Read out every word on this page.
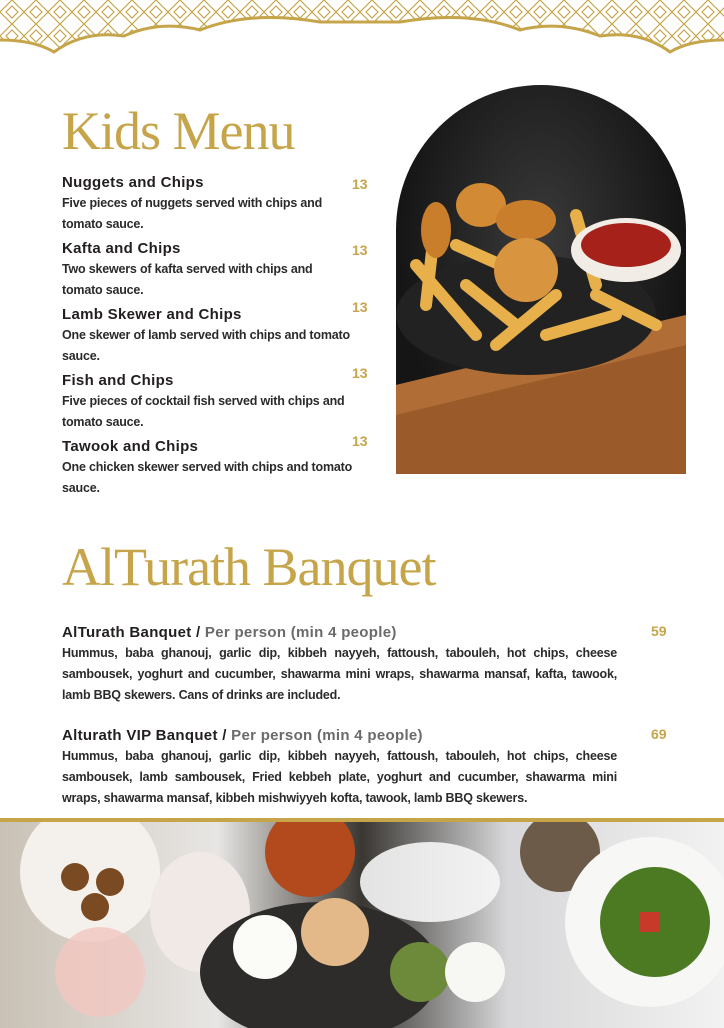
Kids Menu
Nuggets and Chips
Five pieces of nuggets served with chips and tomato sauce.
13
Kafta and Chips
Two skewers of kafta served with chips and tomato sauce.
13
Lamb Skewer and Chips
One skewer of lamb served with chips and tomato sauce.
13
Fish and Chips
Five pieces of cocktail fish served with chips and tomato sauce.
13
Tawook and Chips
One chicken skewer served with chips and tomato sauce.
13
AlTurath Banquet
AlTurath Banquet / Per person (min 4 people)
Hummus, baba ghanouj, garlic dip, kibbeh nayyeh, fattoush, tabouleh, hot chips, cheese sambousek, yoghurt and cucumber, shawarma mini wraps, shawarma mansaf, kafta, tawook, lamb BBQ skewers. Cans of drinks are included.
59
Alturath VIP Banquet / Per person (min 4 people)
Hummus, baba ghanouj, garlic dip, kibbeh nayyeh, fattoush, tabouleh, hot chips, cheese sambousek, lamb sambousek, Fried kebbeh plate, yoghurt and cucumber, shawarma mini wraps, shawarma mansaf, kibbeh mishwiyyeh kofta, tawook, lamb BBQ skewers.
69
